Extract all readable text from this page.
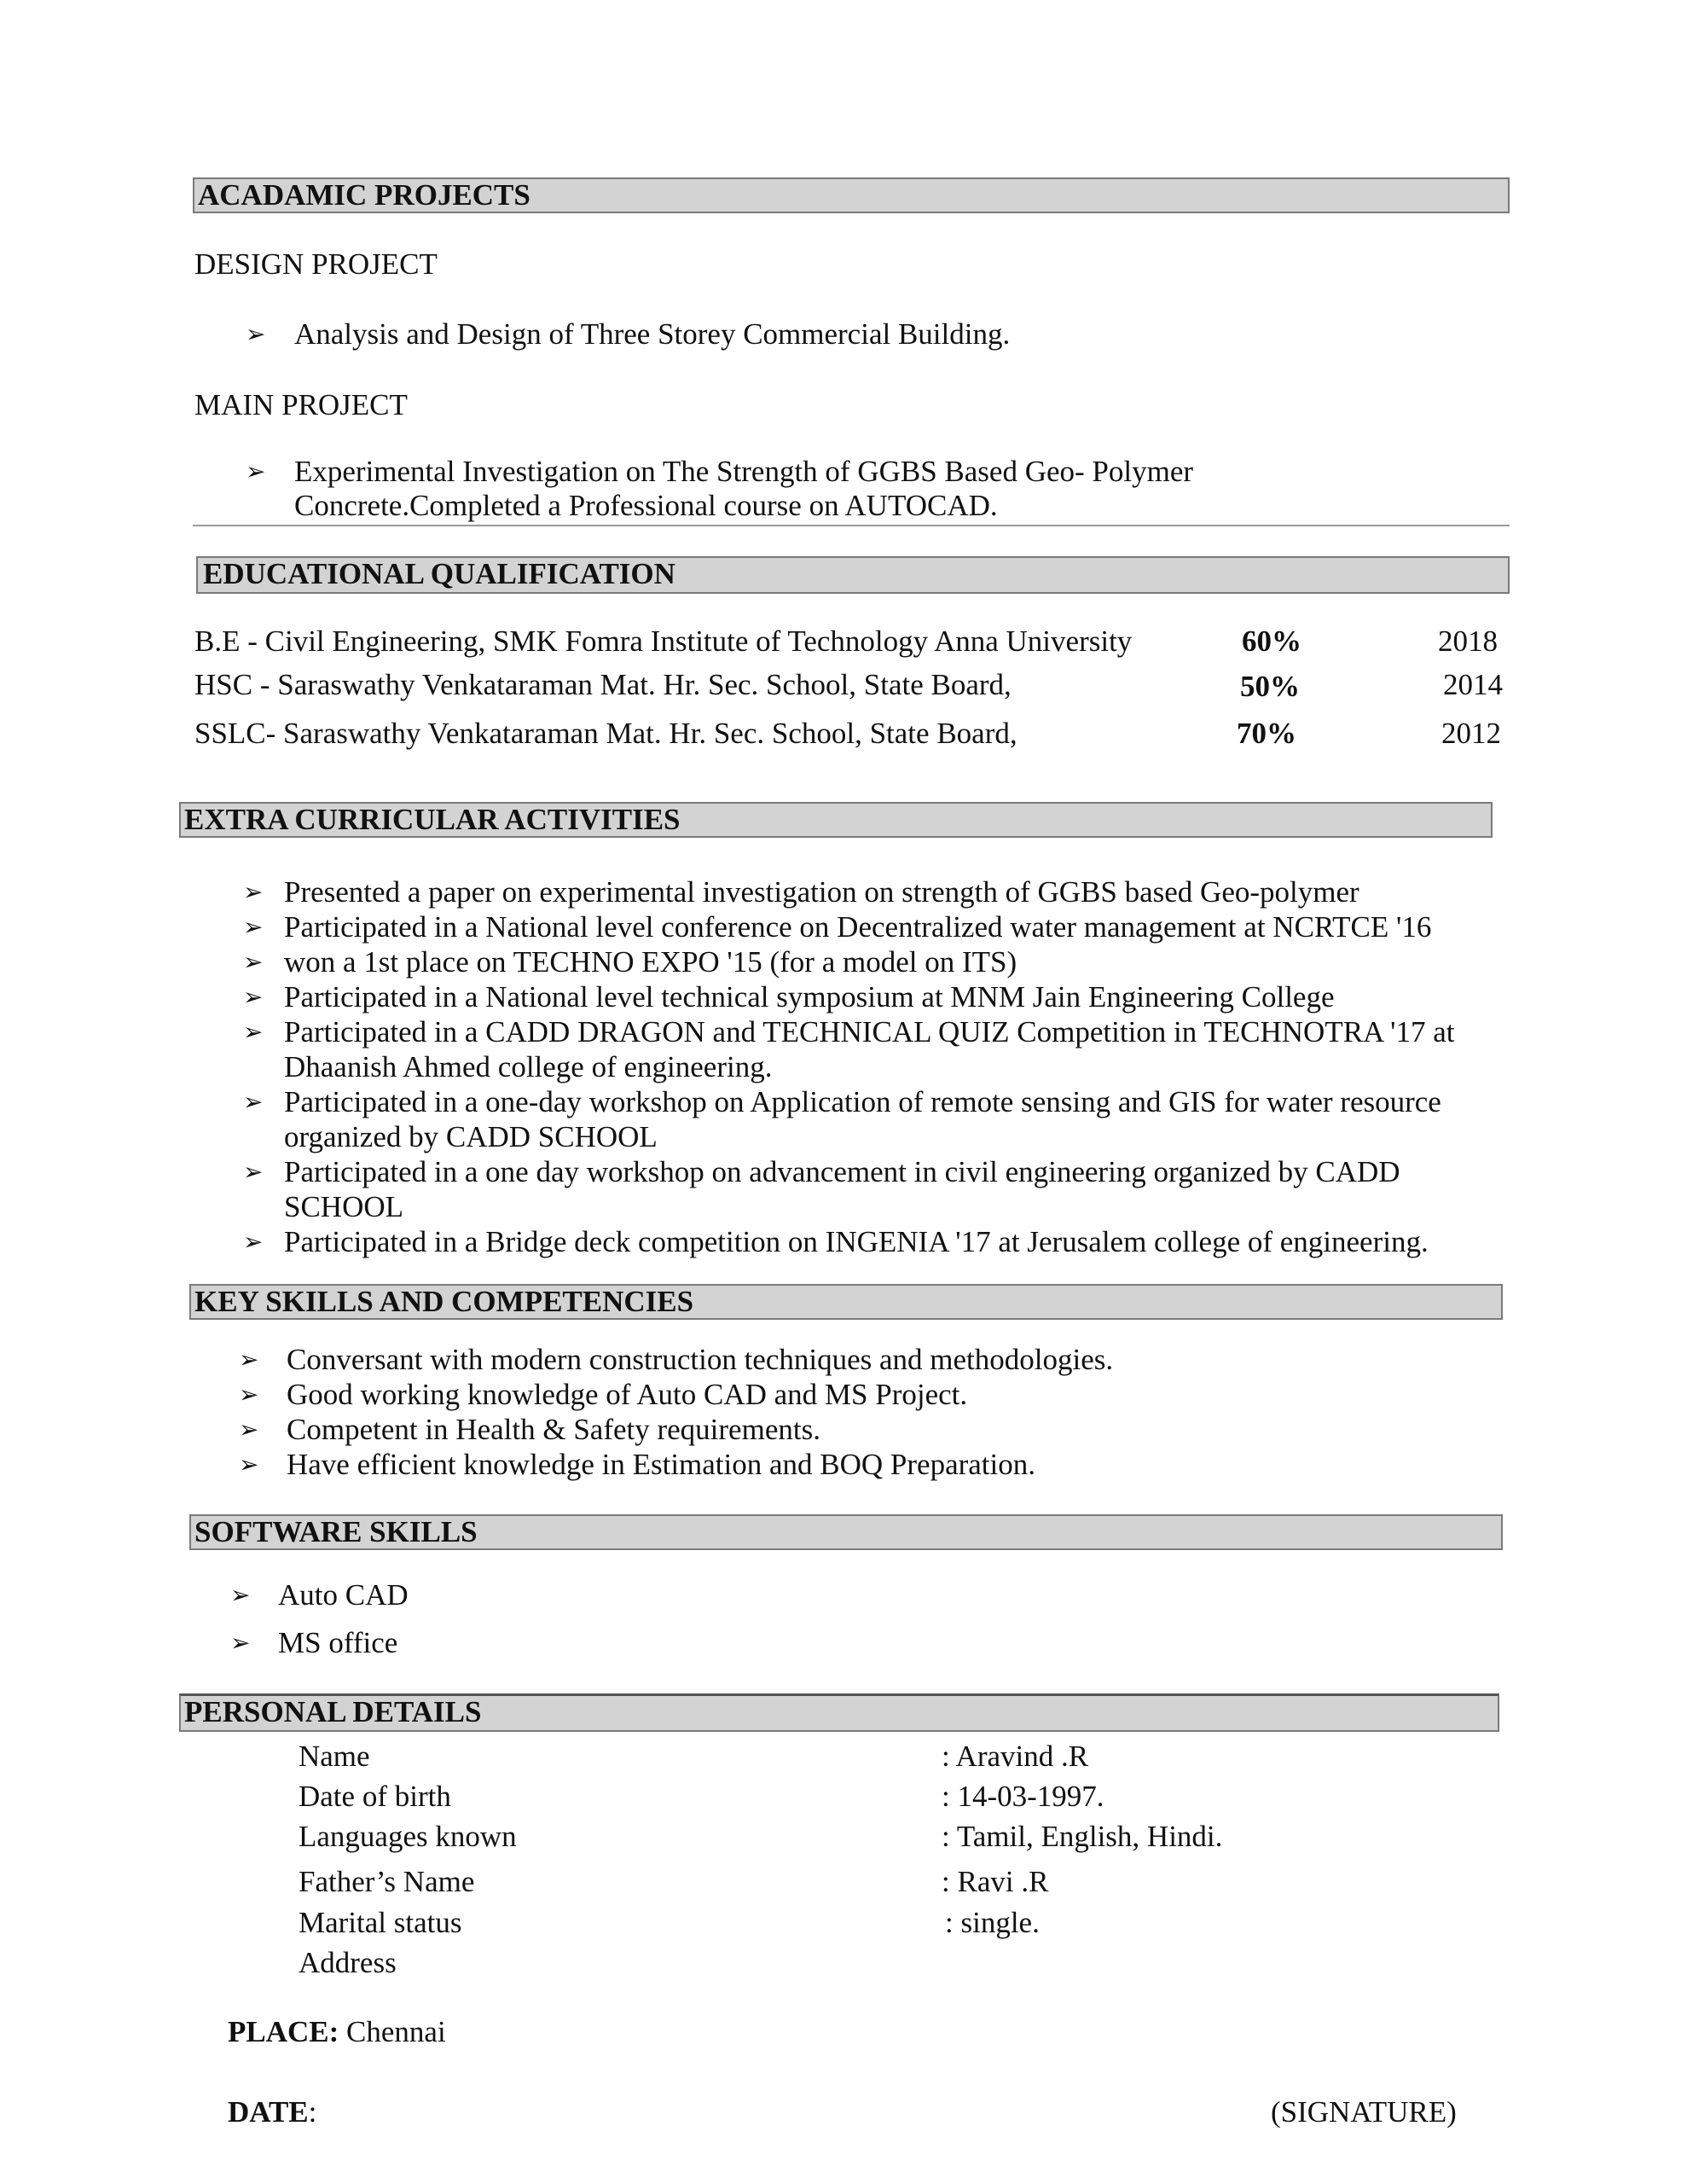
ACADAMIC PROJECTS
DESIGN PROJECT
➢ Analysis and Design of Three Storey Commercial Building.
MAIN PROJECT
➢ Experimental Investigation on The Strength of GGBS Based Geo- Polymer
Concrete.Completed a Professional course on AUTOCAD.
EDUCATIONAL QUALIFICATION
B.E - Civil Engineering, SMK Fomra Institute of Technology Anna University	60%	2018
HSC - Saraswathy Venkataraman Mat. Hr. Sec. School, State Board,	50%	2014
SSLC- Saraswathy Venkataraman Mat. Hr. Sec. School, State Board,	70%	2012
EXTRA CURRICULAR ACTIVITIES
➢ Presented a paper on experimental investigation on strength of GGBS based Geo-polymer
➢ Participated in a National level conference on Decentralized water management at NCRTCE '16
➢ won a 1st place on TECHNO EXPO '15 (for a model on ITS)
➢ Participated in a National level technical symposium at MNM Jain Engineering College
➢ Participated in a CADD DRAGON and TECHNICAL QUIZ Competition in TECHNOTRA '17 at
Dhaanish Ahmed college of engineering.
➢ Participated in a one-day workshop on Application of remote sensing and GIS for water resource
organized by CADD SCHOOL
➢ Participated in a one day workshop on advancement in civil engineering organized by CADD
SCHOOL
➢ Participated in a Bridge deck competition on INGENIA '17 at Jerusalem college of engineering.
KEY SKILLS AND COMPETENCIES
➢ Conversant with modern construction techniques and methodologies.
➢ Good working knowledge of Auto CAD and MS Project.
➢ Competent in Health & Safety requirements.
➢ Have efficient knowledge in Estimation and BOQ Preparation.
SOFTWARE SKILLS
➢ Auto CAD
➢ MS office
PERSONAL DETAILS
Name	: Aravind .R
Date of birth	: 14-03-1997.
Languages known	: Tamil, English, Hindi.
Father’s Name	: Ravi .R
Marital status	: single.
Address
PLACE: Chennai
DATE:	(SIGNATURE)
